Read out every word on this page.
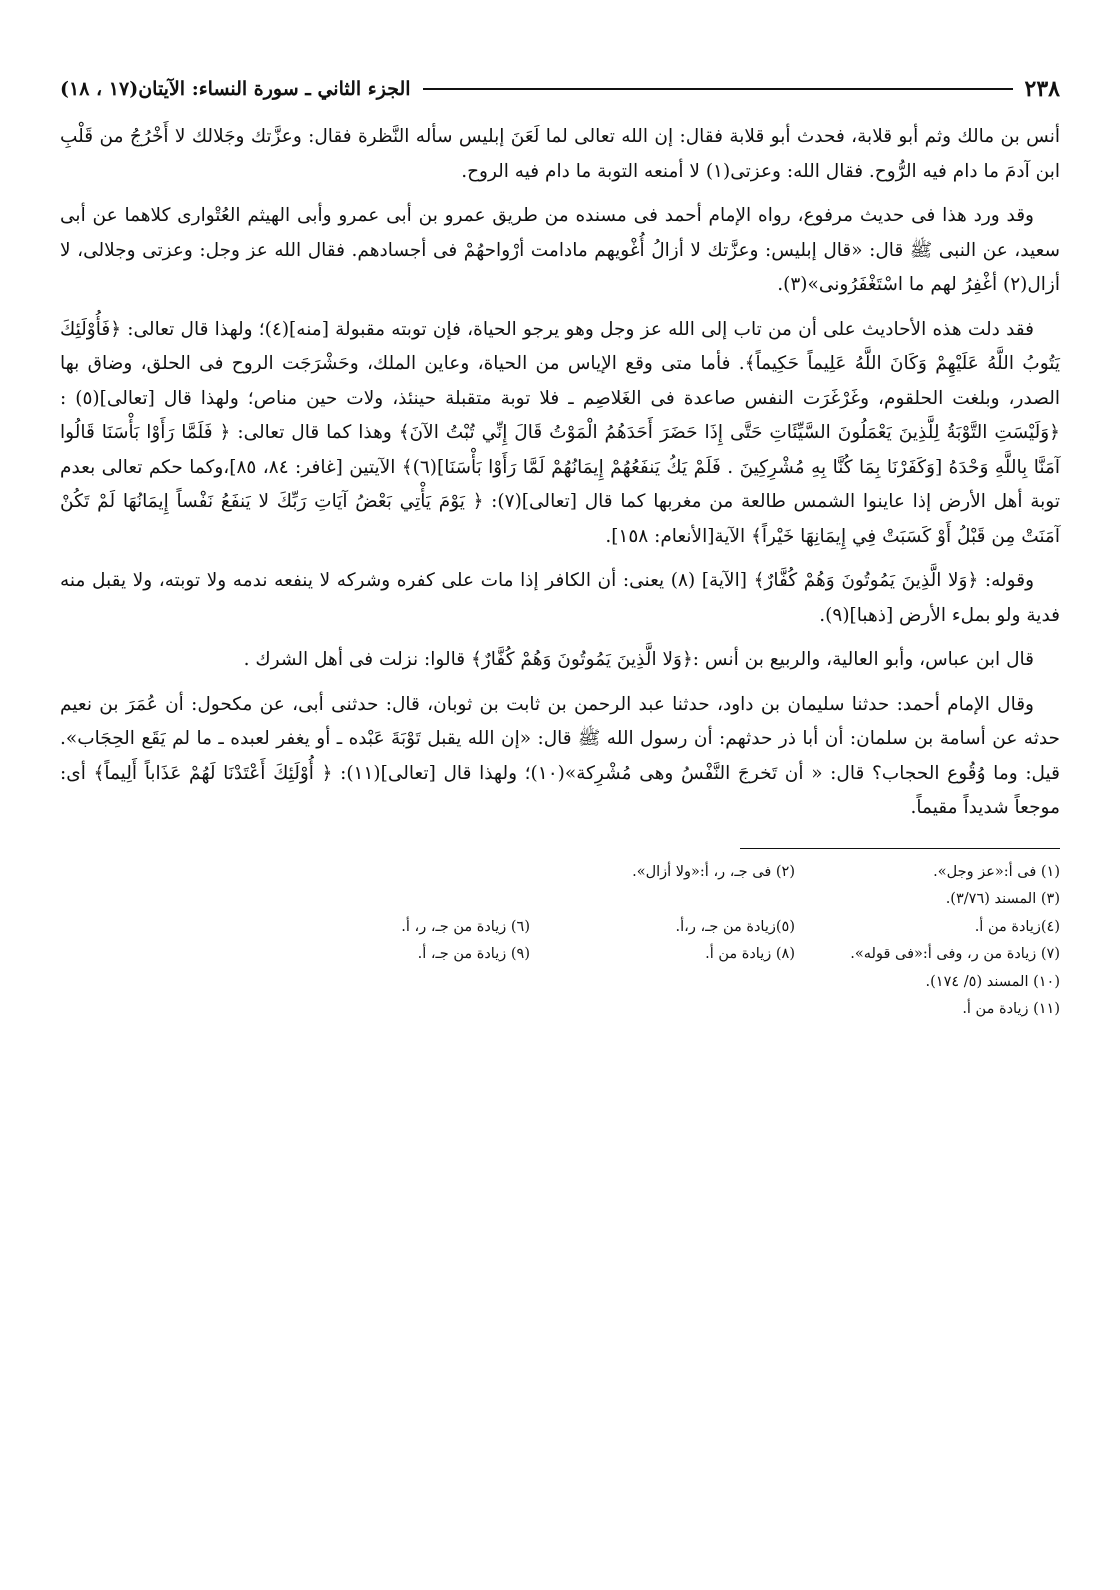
٢٣٨
الجزء الثاني ـ سورة النساء: الآيتان(١٧ ، ١٨)

أنس بن مالك وثم أبو قلابة، فحدث أبو قلابة فقال: إن الله تعالى لما لَعَنَ إبليس سأله النَّظرة فقال: وعزَّتك وجَلالك لا أَخْرُجُ من قَلْبِ ابن آدمَ ما دام فيه الرُّوح. فقال الله: وعزتى(١) لا أمنعه التوبة ما دام فيه الروح.

وقد ورد هذا فى حديث مرفوع، رواه الإمام أحمد فى مسنده من طريق عمرو بن أبى عمرو وأبى الهيثم العُتْوارى كلاهما عن أبى سعيد، عن النبى ﷺ قال: «قال إبليس: وعزَّتك لا أزالُ أُغْويهم مادامت أرْواحهُمْ فى أجسادهم. فقال الله عز وجل: وعزتى وجلالى، لا أزال(٢) أغْفِرُ لهم ما اسْتَغْفَرُونى»(٣).

فقد دلت هذه الأحاديث على أن من تاب إلى الله عز وجل وهو يرجو الحياة، فإن توبته مقبولة [منه](٤)؛ ولهذا قال تعالى: ﴿فَأُوْلَئِكَ يَتُوبُ اللَّهُ عَلَيْهِمْ وَكَانَ اللَّهُ عَلِيماً حَكِيماً﴾. فأما متى وقع الإياس من الحياة، وعاين الملك، وحَشْرَجَت الروح فى الحلق، وضاق بها الصدر، وبلغت الحلقوم، وغَرْغَرَت النفس صاعدة فى الغَلاصِم ـ فلا توبة متقبلة حينئذ، ولات حين مناص؛ ولهذا قال [تعالى](٥) : ﴿وَلَيْسَتِ التَّوْبَةُ لِلَّذِينَ يَعْمَلُونَ السَّيِّئَاتِ حَتَّى إِذَا حَضَرَ أَحَدَهُمُ الْمَوْتُ قَالَ إِنِّي تُبْتُ الآنَ﴾ وهذا كما قال تعالى: ﴿ فَلَمَّا رَأَوْا بَأْسَنَا قَالُوا آمَنَّا بِاللَّهِ وَحْدَهُ [وَكَفَرْنَا بِمَا كُنَّا بِهِ مُشْرِكِينَ . فَلَمْ يَكُ يَنفَعُهُمْ إِيمَانُهُمْ لَمَّا رَأَوْا بَأْسَنَا](٦)﴾ الآيتين [غافر: ٨٤، ٨٥]،وكما حكم تعالى بعدم توبة أهل الأرض إذا عاينوا الشمس طالعة من مغربها كما قال [تعالى](٧): ﴿ يَوْمَ يَأْتِي بَعْضُ آيَاتِ رَبِّكَ لا يَنفَعُ نَفْساً إِيمَانُهَا لَمْ تَكُنْ آمَنَتْ مِن قَبْلُ أَوْ كَسَبَتْ فِي إِيمَانِهَا خَيْراً﴾ الآية[الأنعام: ١٥٨].

وقوله: ﴿وَلا الَّذِينَ يَمُوتُونَ وَهُمْ كُفَّارٌ﴾ [الآية] (٨) يعنى: أن الكافر إذا مات على كفره وشركه لا ينفعه ندمه ولا توبته، ولا يقبل منه فدية ولو بملء الأرض [ذهبا](٩).

قال ابن عباس، وأبو العالية، والربيع بن أنس :﴿وَلا الَّذِينَ يَمُوتُونَ وَهُمْ كُفَّارٌ﴾ قالوا: نزلت فى أهل الشرك .

وقال الإمام أحمد: حدثنا سليمان بن داود، حدثنا عبد الرحمن بن ثابت بن ثوبان، قال: حدثنى أبى، عن مكحول: أن عُمَرَ بن نعيم حدثه عن أسامة بن سلمان: أن أبا ذر حدثهم: أن رسول الله ﷺ قال: «إن الله يقبل تَوْبَةَ عَبْده ـ أو يغفر لعبده ـ ما لم يَقَع الحِجَاب». قيل: وما وُقُوع الحجاب؟ قال: « أن تَخرجَ النَّفْسُ وهى مُشْرِكة»(١٠)؛ ولهذا قال [تعالى](١١): ﴿ أُوْلَئِكَ أَعْتَدْنَا لَهُمْ عَذَاباً أَلِيماً﴾ أى: موجعاً شديداً مقيماً.

(١) فى أ:«عز وجل».
(٢) فى جـ، ر، أ:«ولا أزال».
(٣) المسند (٣/٧٦).
(٤)زيادة من أ.
(٥)زيادة من جـ، ر،أ.
(٦) زيادة من جـ، ر، أ.
(٧) زيادة من ر، وفى أ:«فى قوله».
(٨) زيادة من أ.
(٩) زيادة من جـ، أ.
(١٠) المسند (٥/ ١٧٤).
(١١) زيادة من أ.
